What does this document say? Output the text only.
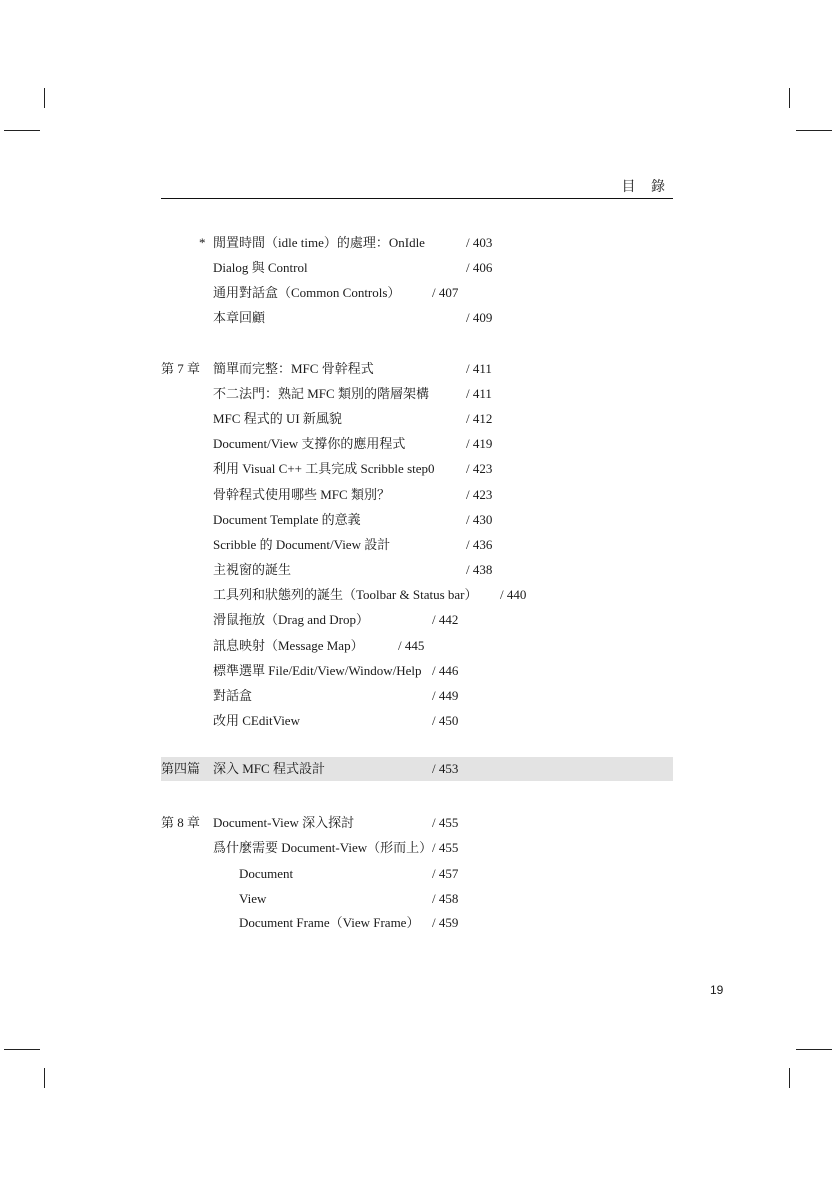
目 錄
* 閒置時間（idle time）的處理：OnIdle	/ 403
Dialog 與 Control	/ 406
通用對話盒（Common Controls） / 407
本章回顧	/ 409
第 7 章 簡單而完整：MFC 骨幹程式	/ 411
不二法門：熟記 MFC 類別的階層架構	/ 411
MFC 程式的 UI 新風貌	/ 412
Document/View 支撐你的應用程式	/ 419
利用 Visual C++ 工具完成 Scribble step0 / 423
骨幹程式使用哪些 MFC 類別？	/ 423
Document Template 的意義	/ 430
Scribble 的 Document/View 設計	/ 436
主視窗的誕生	/ 438
工具列和狀態列的誕生（Toolbar & Status bar） / 440
滑鼠拖放（Drag and Drop）	/ 442
訊息映射（Message Map）	/ 445
標準選單 File/Edit/View/Window/Help / 446
對話盒	/ 449
改用 CEditView	/ 450
第四篇 深入 MFC 程式設計	/ 453
第 8 章 Document-View 深入探討	/ 455
爲什麼需要 Document-View（形而上） / 455
Document	/ 457
View	/ 458
Document Frame（View Frame） / 459
19
